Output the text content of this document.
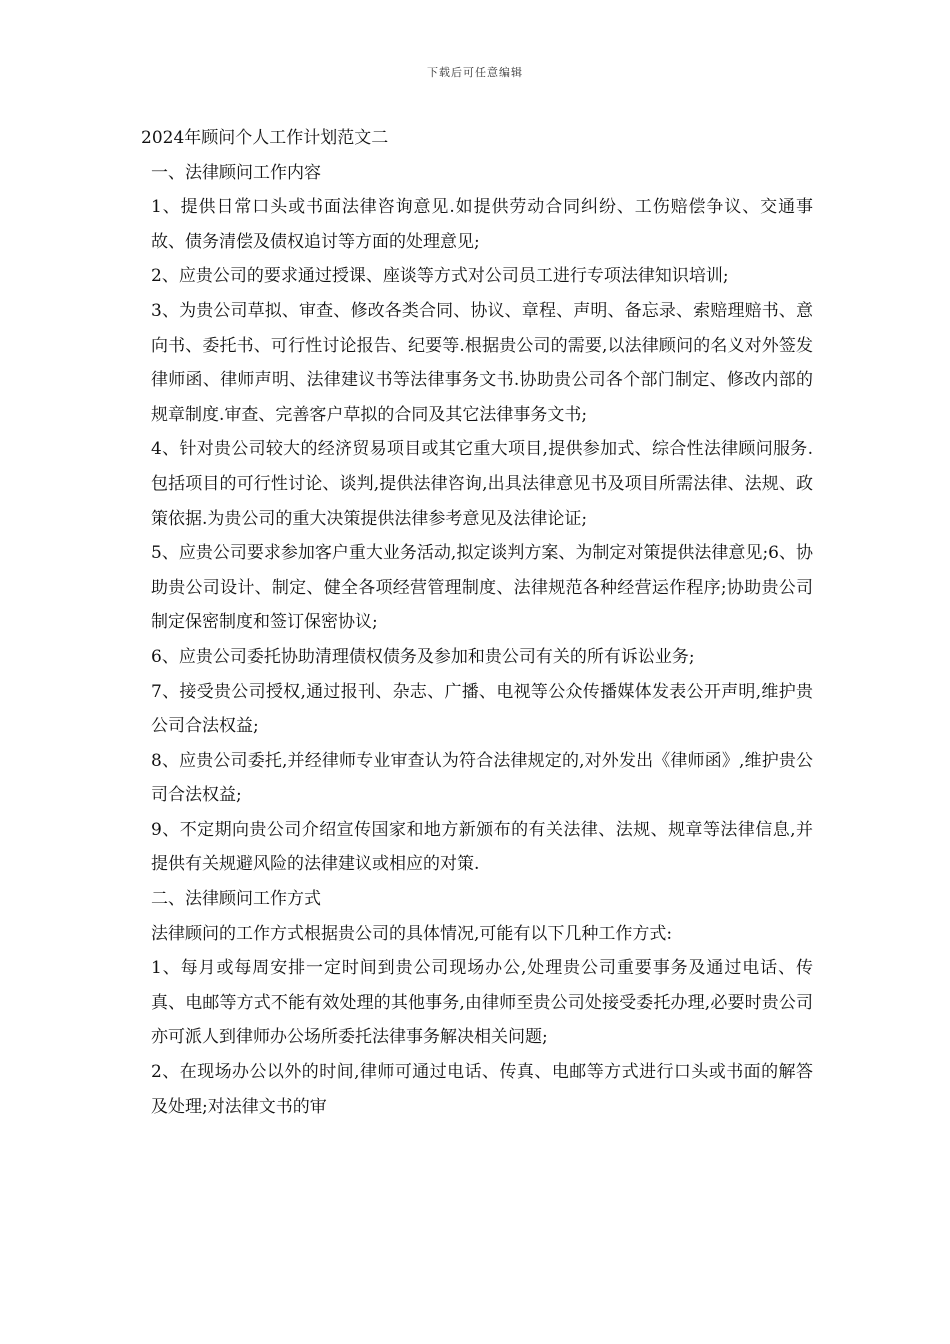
下载后可任意编辑

2024年顾问个人工作计划范文二

一、法律顾问工作内容

1、提供日常口头或书面法律咨询意见.如提供劳动合同纠纷、工伤赔偿争议、交通事故、债务清偿及债权追讨等方面的处理意见;

2、应贵公司的要求通过授课、座谈等方式对公司员工进行专项法律知识培训;

3、为贵公司草拟、审查、修改各类合同、协议、章程、声明、备忘录、索赔理赔书、意向书、委托书、可行性讨论报告、纪要等.根据贵公司的需要,以法律顾问的名义对外签发律师函、律师声明、法律建议书等法律事务文书.协助贵公司各个部门制定、修改内部的规章制度.审查、完善客户草拟的合同及其它法律事务文书;

4、针对贵公司较大的经济贸易项目或其它重大项目,提供参加式、综合性法律顾问服务.包括项目的可行性讨论、谈判,提供法律咨询,出具法律意见书及项目所需法律、法规、政策依据.为贵公司的重大决策提供法律参考意见及法律论证;

5、应贵公司要求参加客户重大业务活动,拟定谈判方案、为制定对策提供法律意见;6、协助贵公司设计、制定、健全各项经营管理制度、法律规范各种经营运作程序;协助贵公司制定保密制度和签订保密协议;

6、应贵公司委托协助清理债权债务及参加和贵公司有关的所有诉讼业务;

7、接受贵公司授权,通过报刊、杂志、广播、电视等公众传播媒体发表公开声明,维护贵公司合法权益;

8、应贵公司委托,并经律师专业审查认为符合法律规定的,对外发出《律师函》,维护贵公司合法权益;

9、不定期向贵公司介绍宣传国家和地方新颁布的有关法律、法规、规章等法律信息,并提供有关规避风险的法律建议或相应的对策.

二、法律顾问工作方式

法律顾问的工作方式根据贵公司的具体情况,可能有以下几种工作方式:

1、每月或每周安排一定时间到贵公司现场办公,处理贵公司重要事务及通过电话、传真、电邮等方式不能有效处理的其他事务,由律师至贵公司处接受委托办理,必要时贵公司亦可派人到律师办公场所委托法律事务解决相关问题;

2、在现场办公以外的时间,律师可通过电话、传真、电邮等方式进行口头或书面的解答及处理;对法律文书的审
